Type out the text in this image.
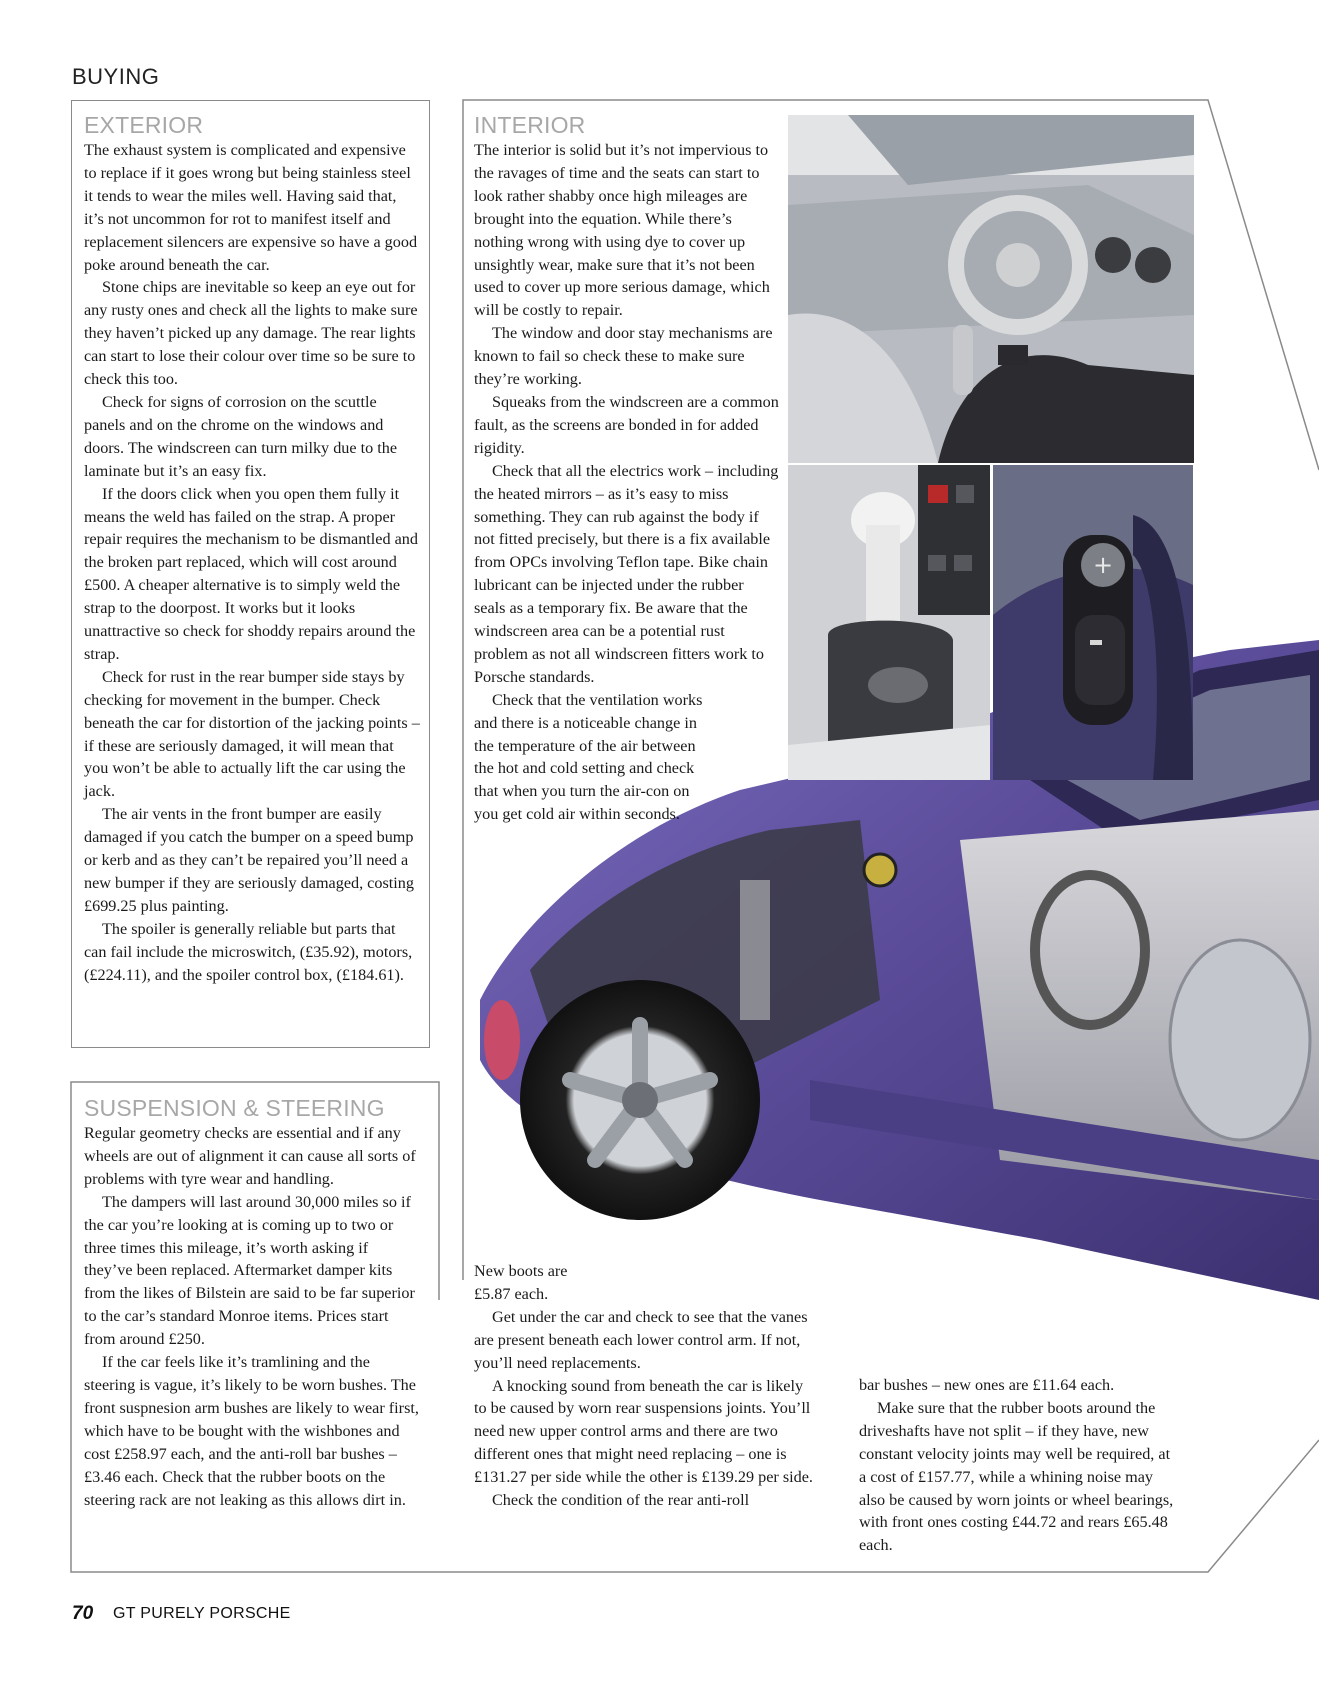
BUYING
+
EXTERIOR

The exhaust system is complicated and expensive to replace if it goes wrong but being stainless steel it tends to wear the miles well. Having said that, it’s not uncommon for rot to manifest itself and replacement silencers are expensive so have a good poke around beneath the car.

Stone chips are inevitable so keep an eye out for any rusty ones and check all the lights to make sure they haven’t picked up any damage. The rear lights can start to lose their colour over time so be sure to check this too.

Check for signs of corrosion on the scuttle panels and on the chrome on the windows and doors. The windscreen can turn milky due to the laminate but it’s an easy fix.

If the doors click when you open them fully it means the weld has failed on the strap. A proper repair requires the mechanism to be dismantled and the broken part replaced, which will cost around £500. A cheaper alternative is to simply weld the strap to the doorpost. It works but it looks unattractive so check for shoddy repairs around the strap.

Check for rust in the rear bumper side stays by checking for movement in the bumper. Check beneath the car for distortion of the jacking points – if these are seriously damaged, it will mean that you won’t be able to actually lift the car using the jack.

The air vents in the front bumper are easily damaged if you catch the bumper on a speed bump or kerb and as they can’t be repaired you’ll need a new bumper if they are seriously damaged, costing £699.25 plus painting.

The spoiler is generally reliable but parts that can fail include the microswitch, (£35.92), motors, (£224.11), and the spoiler control box, (£184.61).

INTERIOR

The interior is solid but it’s not impervious to the ravages of time and the seats can start to look rather shabby once high mileages are brought into the equation. While there’s nothing wrong with using dye to cover up unsightly wear, make sure that it’s not been used to cover up more serious damage, which will be costly to repair.

The window and door stay mechanisms are known to fail so check these to make sure they’re working.

Squeaks from the windscreen are a common fault, as the screens are bonded in for added rigidity.

Check that all the electrics work – including the heated mirrors – as it’s easy to miss something. They can rub against the body if not fitted precisely, but there is a fix available from OPCs involving Teflon tape. Bike chain lubricant can be injected under the rubber seals as a temporary fix. Be aware that the windscreen area can be a potential rust problem as not all windscreen fitters work to Porsche standards.

Check that the ventilation works and there is a noticeable change in the temperature of the air between the hot and cold setting and check that when you turn the air-con on you get cold air within seconds.

SUSPENSION & STEERING

Regular geometry checks are essential and if any wheels are out of alignment it can cause all sorts of problems with tyre wear and handling.

The dampers will last around 30,000 miles so if the car you’re looking at is coming up to two or three times this mileage, it’s worth asking if they’ve been replaced. Aftermarket damper kits from the likes of Bilstein are said to be far superior to the car’s standard Monroe items. Prices start from around £250.

If the car feels like it’s tramlining and the steering is vague, it’s likely to be worn bushes. The front suspnesion arm bushes are likely to wear first, which have to be bought with the wishbones and cost £258.97 each, and the anti-roll bar bushes – £3.46 each. Check that the rubber boots on the steering rack are not leaking as this allows dirt in.

New boots are £5.87 each.

Get under the car and check to see that the vanes are present beneath each lower control arm. If not, you’ll need replacements.

A knocking sound from beneath the car is likely to be caused by worn rear suspensions joints. You’ll need new upper control arms and there are two different ones that might need replacing – one is £131.27 per side while the other is £139.29 per side.

Check the condition of the rear anti-roll

bar bushes – new ones are £11.64 each.

Make sure that the rubber boots around the driveshafts have not split – if they have, new constant velocity joints may well be required, at a cost of £157.77, while a whining noise may also be caused by worn joints or wheel bearings, with front ones costing £44.72 and rears £65.48 each.

70 GT PURELY PORSCHE
